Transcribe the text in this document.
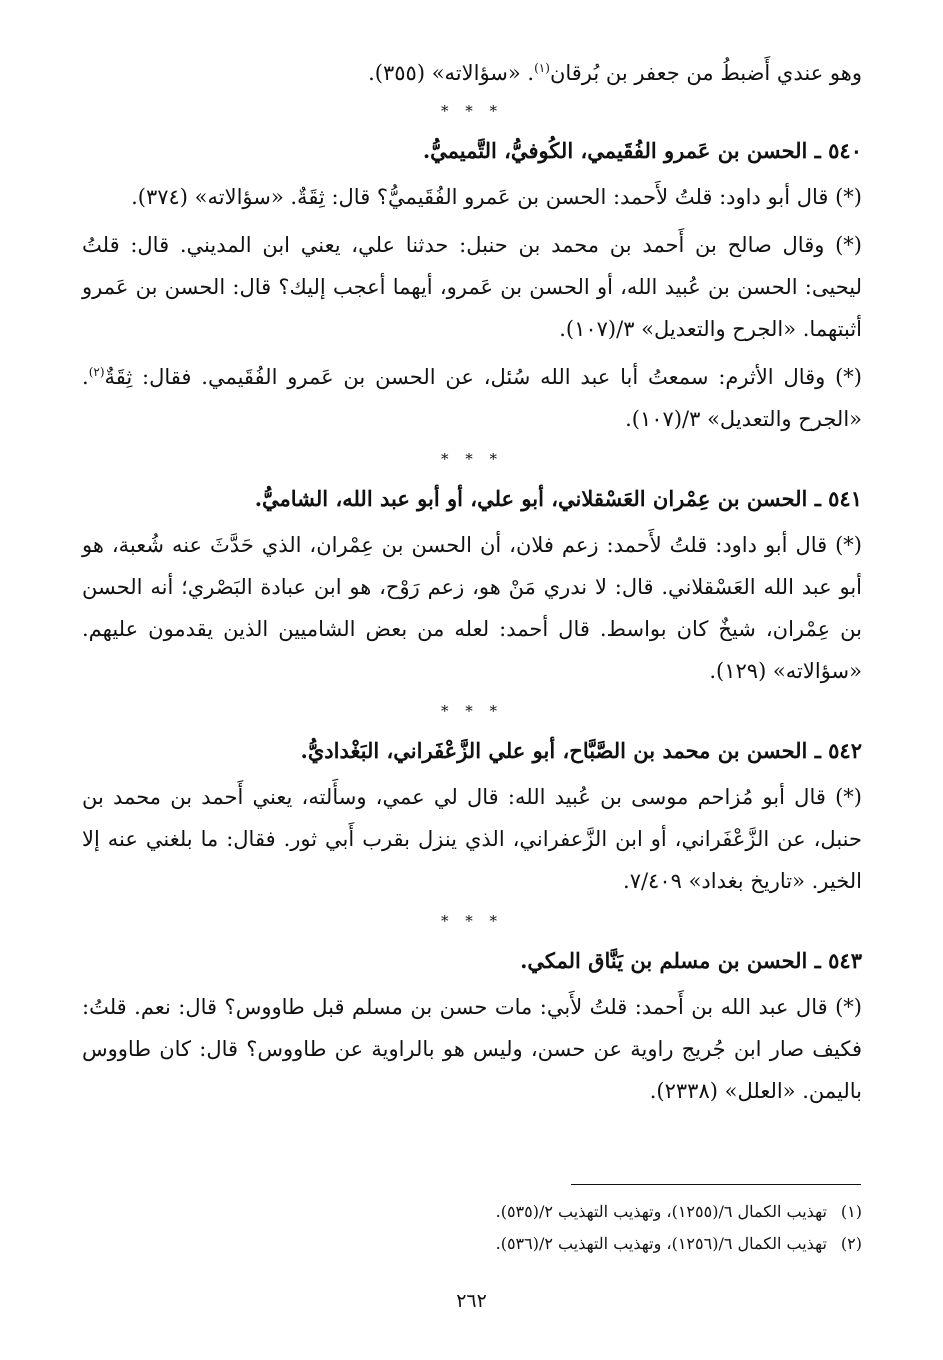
وهو عندي أَضبطُ من جعفر بن بُرقان$^{(١)}$. «سؤالاته» (٣٥٥).

* * *
٥٤٠ ـ الحسن بن عَمرو الفُقَيمي، الكُوفيُّ، التَّميميُّ.

(*) قال أبو داود: قلتُ لأَحمد: الحسن بن عَمرو الفُقَيميُّ؟ قال: ثِقَةٌ. «سؤالاته» (٣٧٤).

(*) وقال صالح بن أَحمد بن محمد بن حنبل: حدثنا علي، يعني ابن المديني. قال: قلتُ ليحيى: الحسن بن عُبيد الله، أو الحسن بن عَمرو، أيهما أعجب إليك؟ قال: الحسن بن عَمرو أثبتهما. «الجرح والتعديل» ٣/(١٠٧).

(*) وقال الأثرم: سمعتُ أبا عبد الله سُئل، عن الحسن بن عَمرو الفُقَيمي. فقال: ثِقَةٌ$^{(٢)}$. «الجرح والتعديل» ٣/(١٠٧).

* * *
٥٤١ ـ الحسن بن عِمْران العَسْقلاني، أبو علي، أو أبو عبد الله، الشاميُّ.

(*) قال أبو داود: قلتُ لأَحمد: زعم فلان، أن الحسن بن عِمْران، الذي حَدَّثَ عنه شُعبة، هو أبو عبد الله العَسْقلاني. قال: لا ندري مَنْ هو، زعم رَوْح، هو ابن عبادة البَصْري؛ أنه الحسن بن عِمْران، شيخٌ كان بواسط. قال أحمد: لعله من بعض الشاميين الذين يقدمون عليهم. «سؤالاته» (١٢٩).

* * *
٥٤٢ ـ الحسن بن محمد بن الصَّبَّاح، أبو علي الزَّعْفَراني، البَغْداديُّ.

(*) قال أبو مُزاحم موسى بن عُبيد الله: قال لي عمي، وسأَلته، يعني أَحمد بن محمد بن حنبل، عن الزَّعْفَراني، أو ابن الزَّعفراني، الذي ينزل بقرب أَبي ثور. فقال: ما بلغني عنه إلا الخير. «تاريخ بغداد» ٧/٤٠٩.

* * *
٥٤٣ ـ الحسن بن مسلم بن يَنَّاق المكي.

(*) قال عبد الله بن أَحمد: قلتُ لأَبي: مات حسن بن مسلم قبل طاووس؟ قال: نعم. قلتُ: فكيف صار ابن جُريج راوية عن حسن، وليس هو بالراوية عن طاووس؟ قال: كان طاووس باليمن. «العلل» (٢٣٣٨).

(١)تهذيب الكمال ٦/(١٢٥٥)، وتهذيب التهذيب ٢/(٥٣٥).
(٢)تهذيب الكمال ٦/(١٢٥٦)، وتهذيب التهذيب ٢/(٥٣٦).
٢٦٢
